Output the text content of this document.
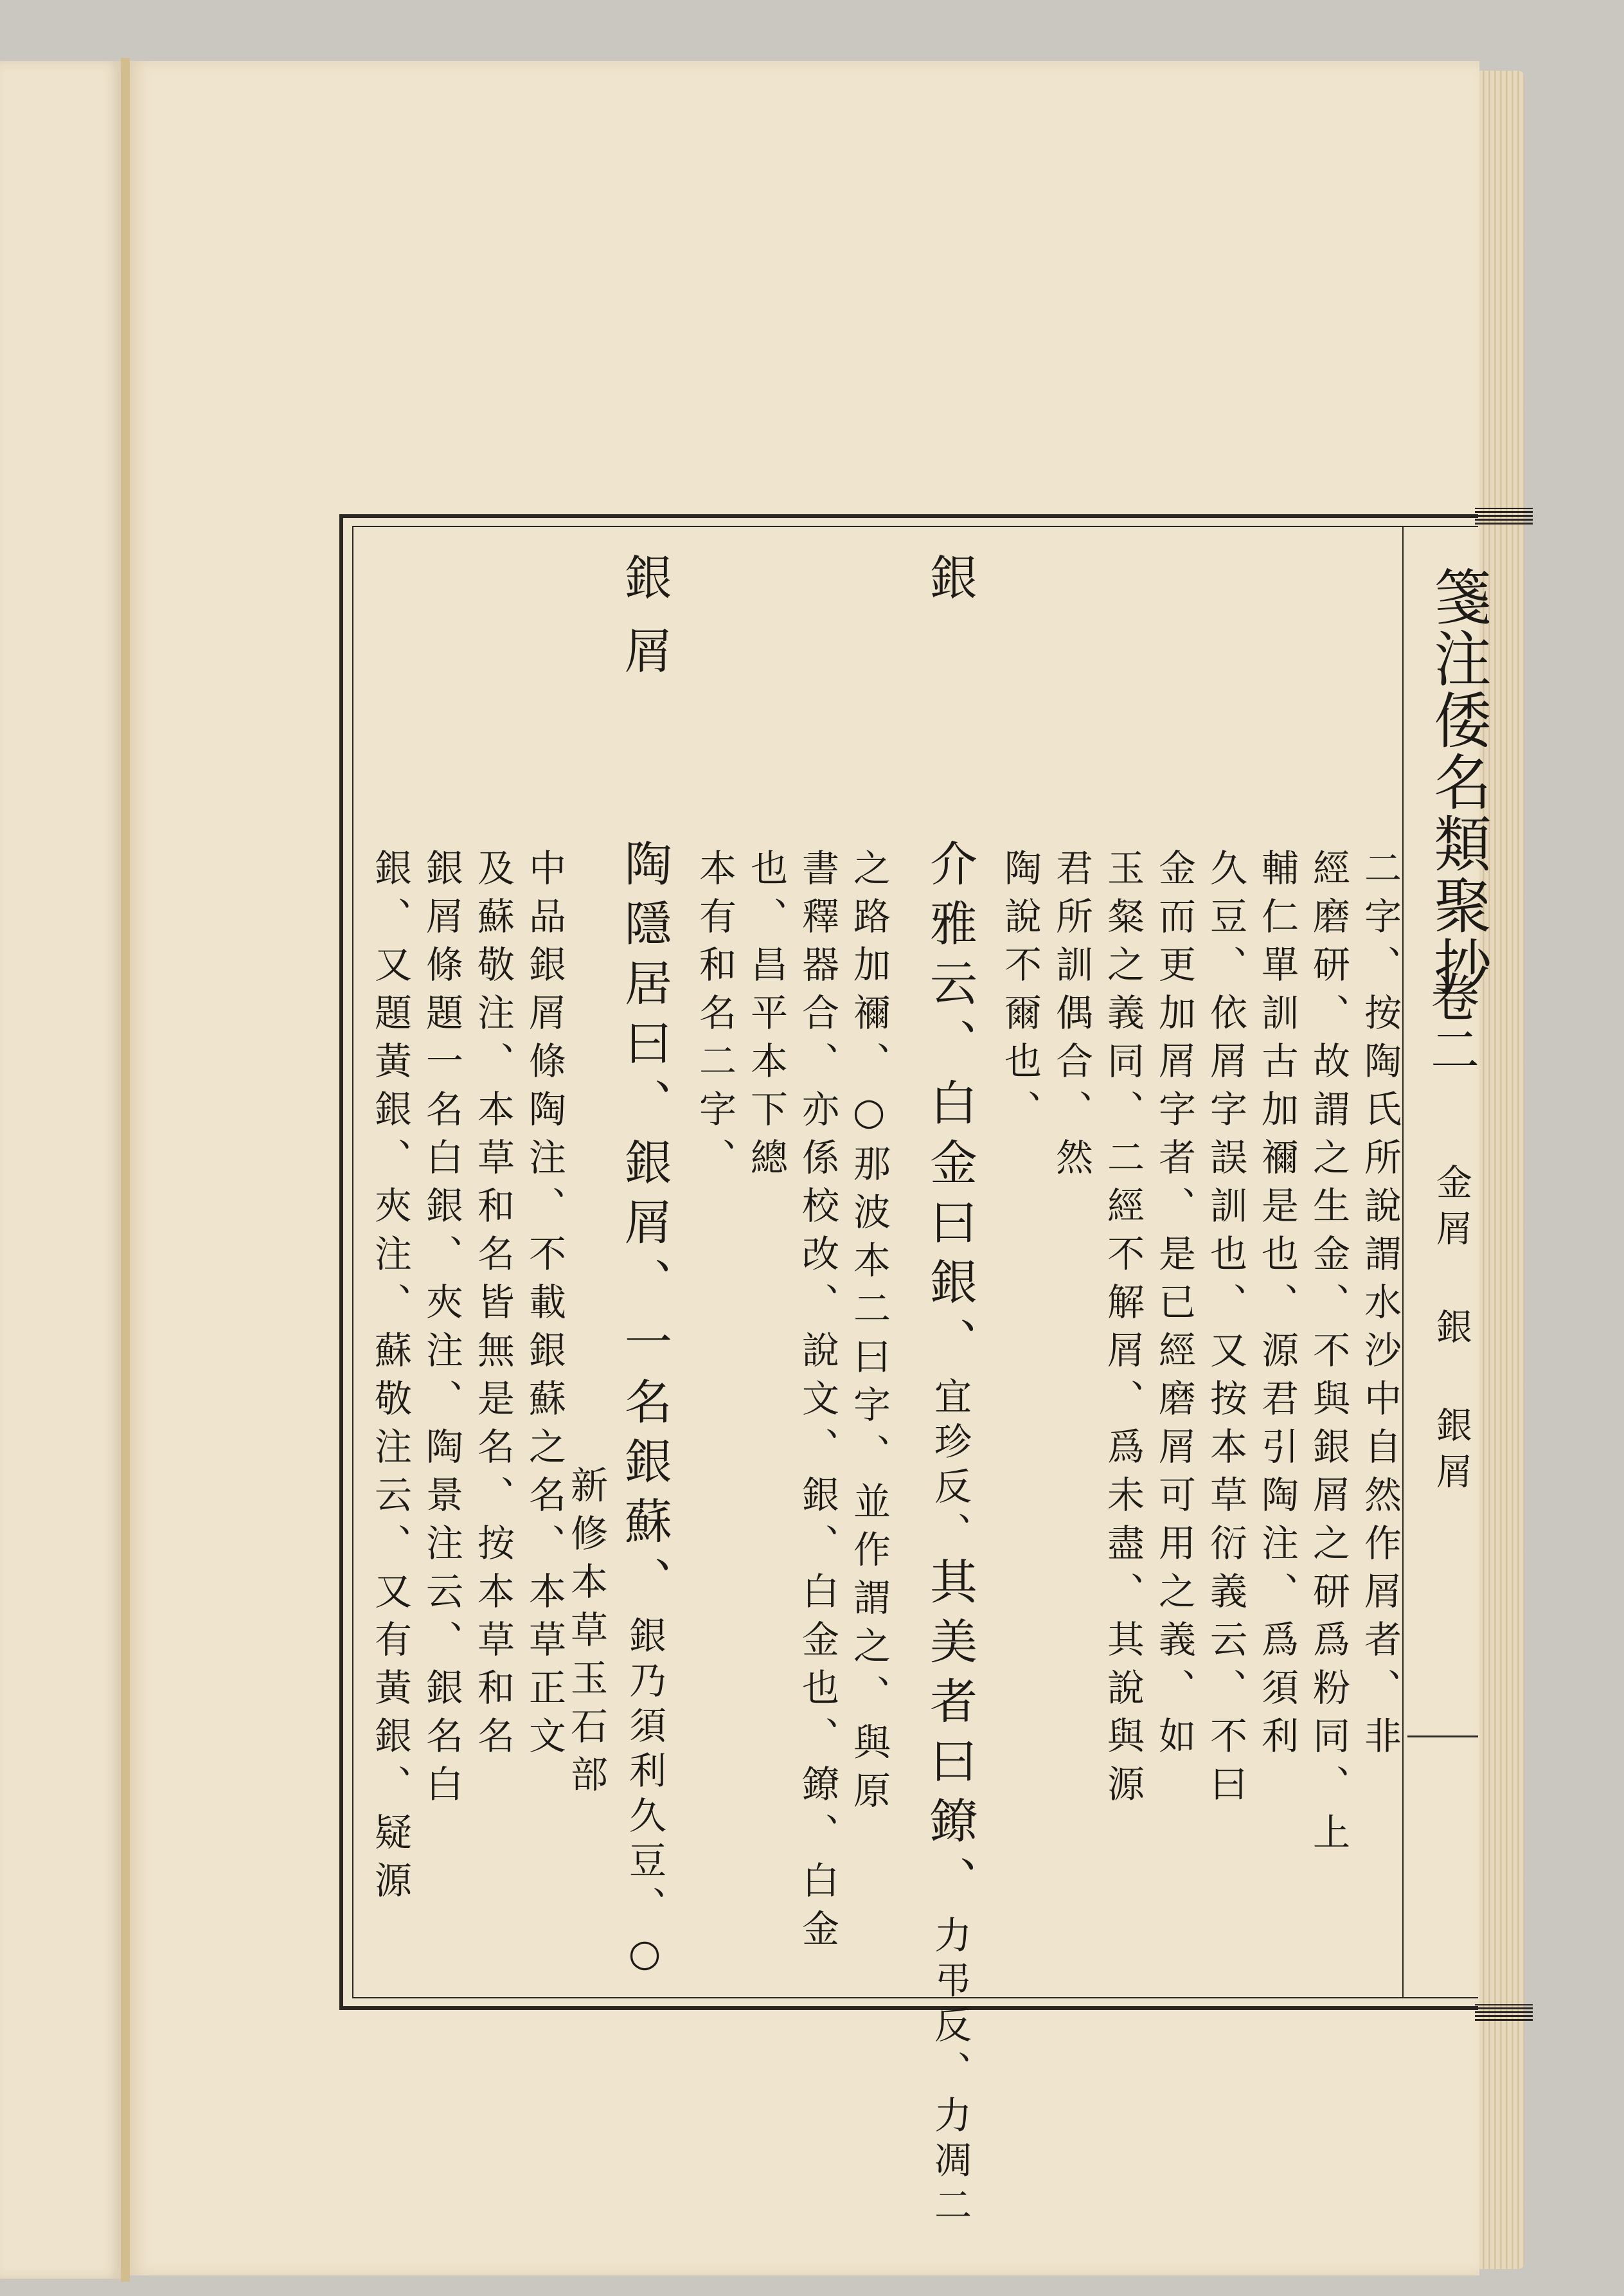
箋注倭名類聚抄
卷二
金屑 銀 銀屑
二字、按陶氏所說謂水沙中自然作屑者、非
經磨研、故謂之生金、不與銀屑之研爲粉同、上
輔仁單訓古加禰是也、源君引陶注、爲須利
久豆、依屑字誤訓也、又按本草衍義云、不曰
金而更加屑字者、是已經磨屑可用之義、如
玉粲之義同、二經不解屑、爲未盡、其說與源
君所訓偶合、然
陶說不爾也、
銀
介雅云、白金曰銀、宜珍反、其美者曰鐐、力弔反、力凋二
之路加禰、○那波本二曰字、並作謂之、與原
書釋器合、亦係校改、說文、銀、白金也、鐐、白金
也、昌平本下總
本有和名二字、
銀屑
陶隱居曰、銀屑、一名銀蘇、銀乃須利久豆、○
新修本草玉石部
中品銀屑條陶注、不載銀蘇之名、本草正文
及蘇敬注、本草和名皆無是名、按本草和名
銀屑條題一名白銀、夾注、陶景注云、銀名白
銀、又題黃銀、夾注、蘇敬注云、又有黃銀、疑源
